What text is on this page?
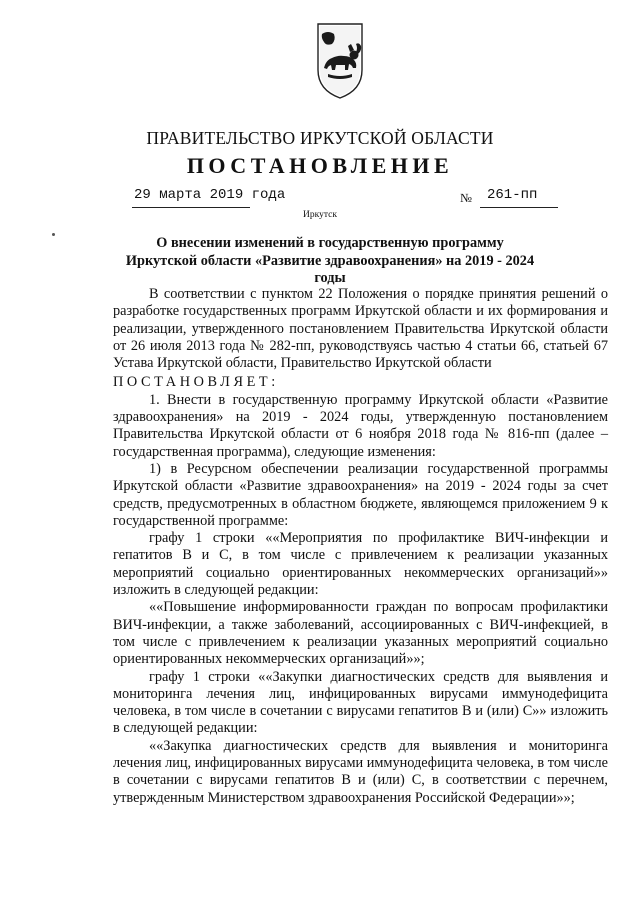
ПРАВИТЕЛЬСТВО ИРКУТСКОЙ ОБЛАСТИ
ПОСТАНОВЛЕНИЕ
29 марта 2019 года	№ 261-пп
Иркутск
О внесении изменений в государственную программу Иркутской области «Развитие здравоохранения» на 2019 - 2024 годы

В соответствии с пунктом 22 Положения о порядке принятия решений о разработке государственных программ Иркутской области и их формирования и реализации, утвержденного постановлением Правительства Иркутской области от 26 июля 2013 года № 282-пп, руководствуясь частью 4 статьи 66, статьей 67 Устава Иркутской области, Правительство Иркутской области

ПОСТАНОВЛЯЕТ:

1. Внести в государственную программу Иркутской области «Развитие здравоохранения» на 2019 - 2024 годы, утвержденную постановлением Правительства Иркутской области от 6 ноября 2018 года № 816-пп (далее – государственная программа), следующие изменения:

1) в Ресурсном обеспечении реализации государственной программы Иркутской области «Развитие здравоохранения» на 2019 - 2024 годы за счет средств, предусмотренных в областном бюджете, являющемся приложением 9 к государственной программе:

графу 1 строки ««Мероприятия по профилактике ВИЧ-инфекции и гепатитов В и С, в том числе с привлечением к реализации указанных мероприятий социально ориентированных некоммерческих организаций»» изложить в следующей редакции:

««Повышение информированности граждан по вопросам профилактики ВИЧ-инфекции, а также заболеваний, ассоциированных с ВИЧ-инфекцией, в том числе с привлечением к реализации указанных мероприятий социально ориентированных некоммерческих организаций»»;

графу 1 строки ««Закупки диагностических средств для выявления и мониторинга лечения лиц, инфицированных вирусами иммунодефицита человека, в том числе в сочетании с вирусами гепатитов В и (или) С»» изложить в следующей редакции:

««Закупка диагностических средств для выявления и мониторинга лечения лиц, инфицированных вирусами иммунодефицита человека, в том числе в сочетании с вирусами гепатитов В и (или) С, в соответствии с перечнем, утвержденным Министерством здравоохранения Российской Федерации»»;
